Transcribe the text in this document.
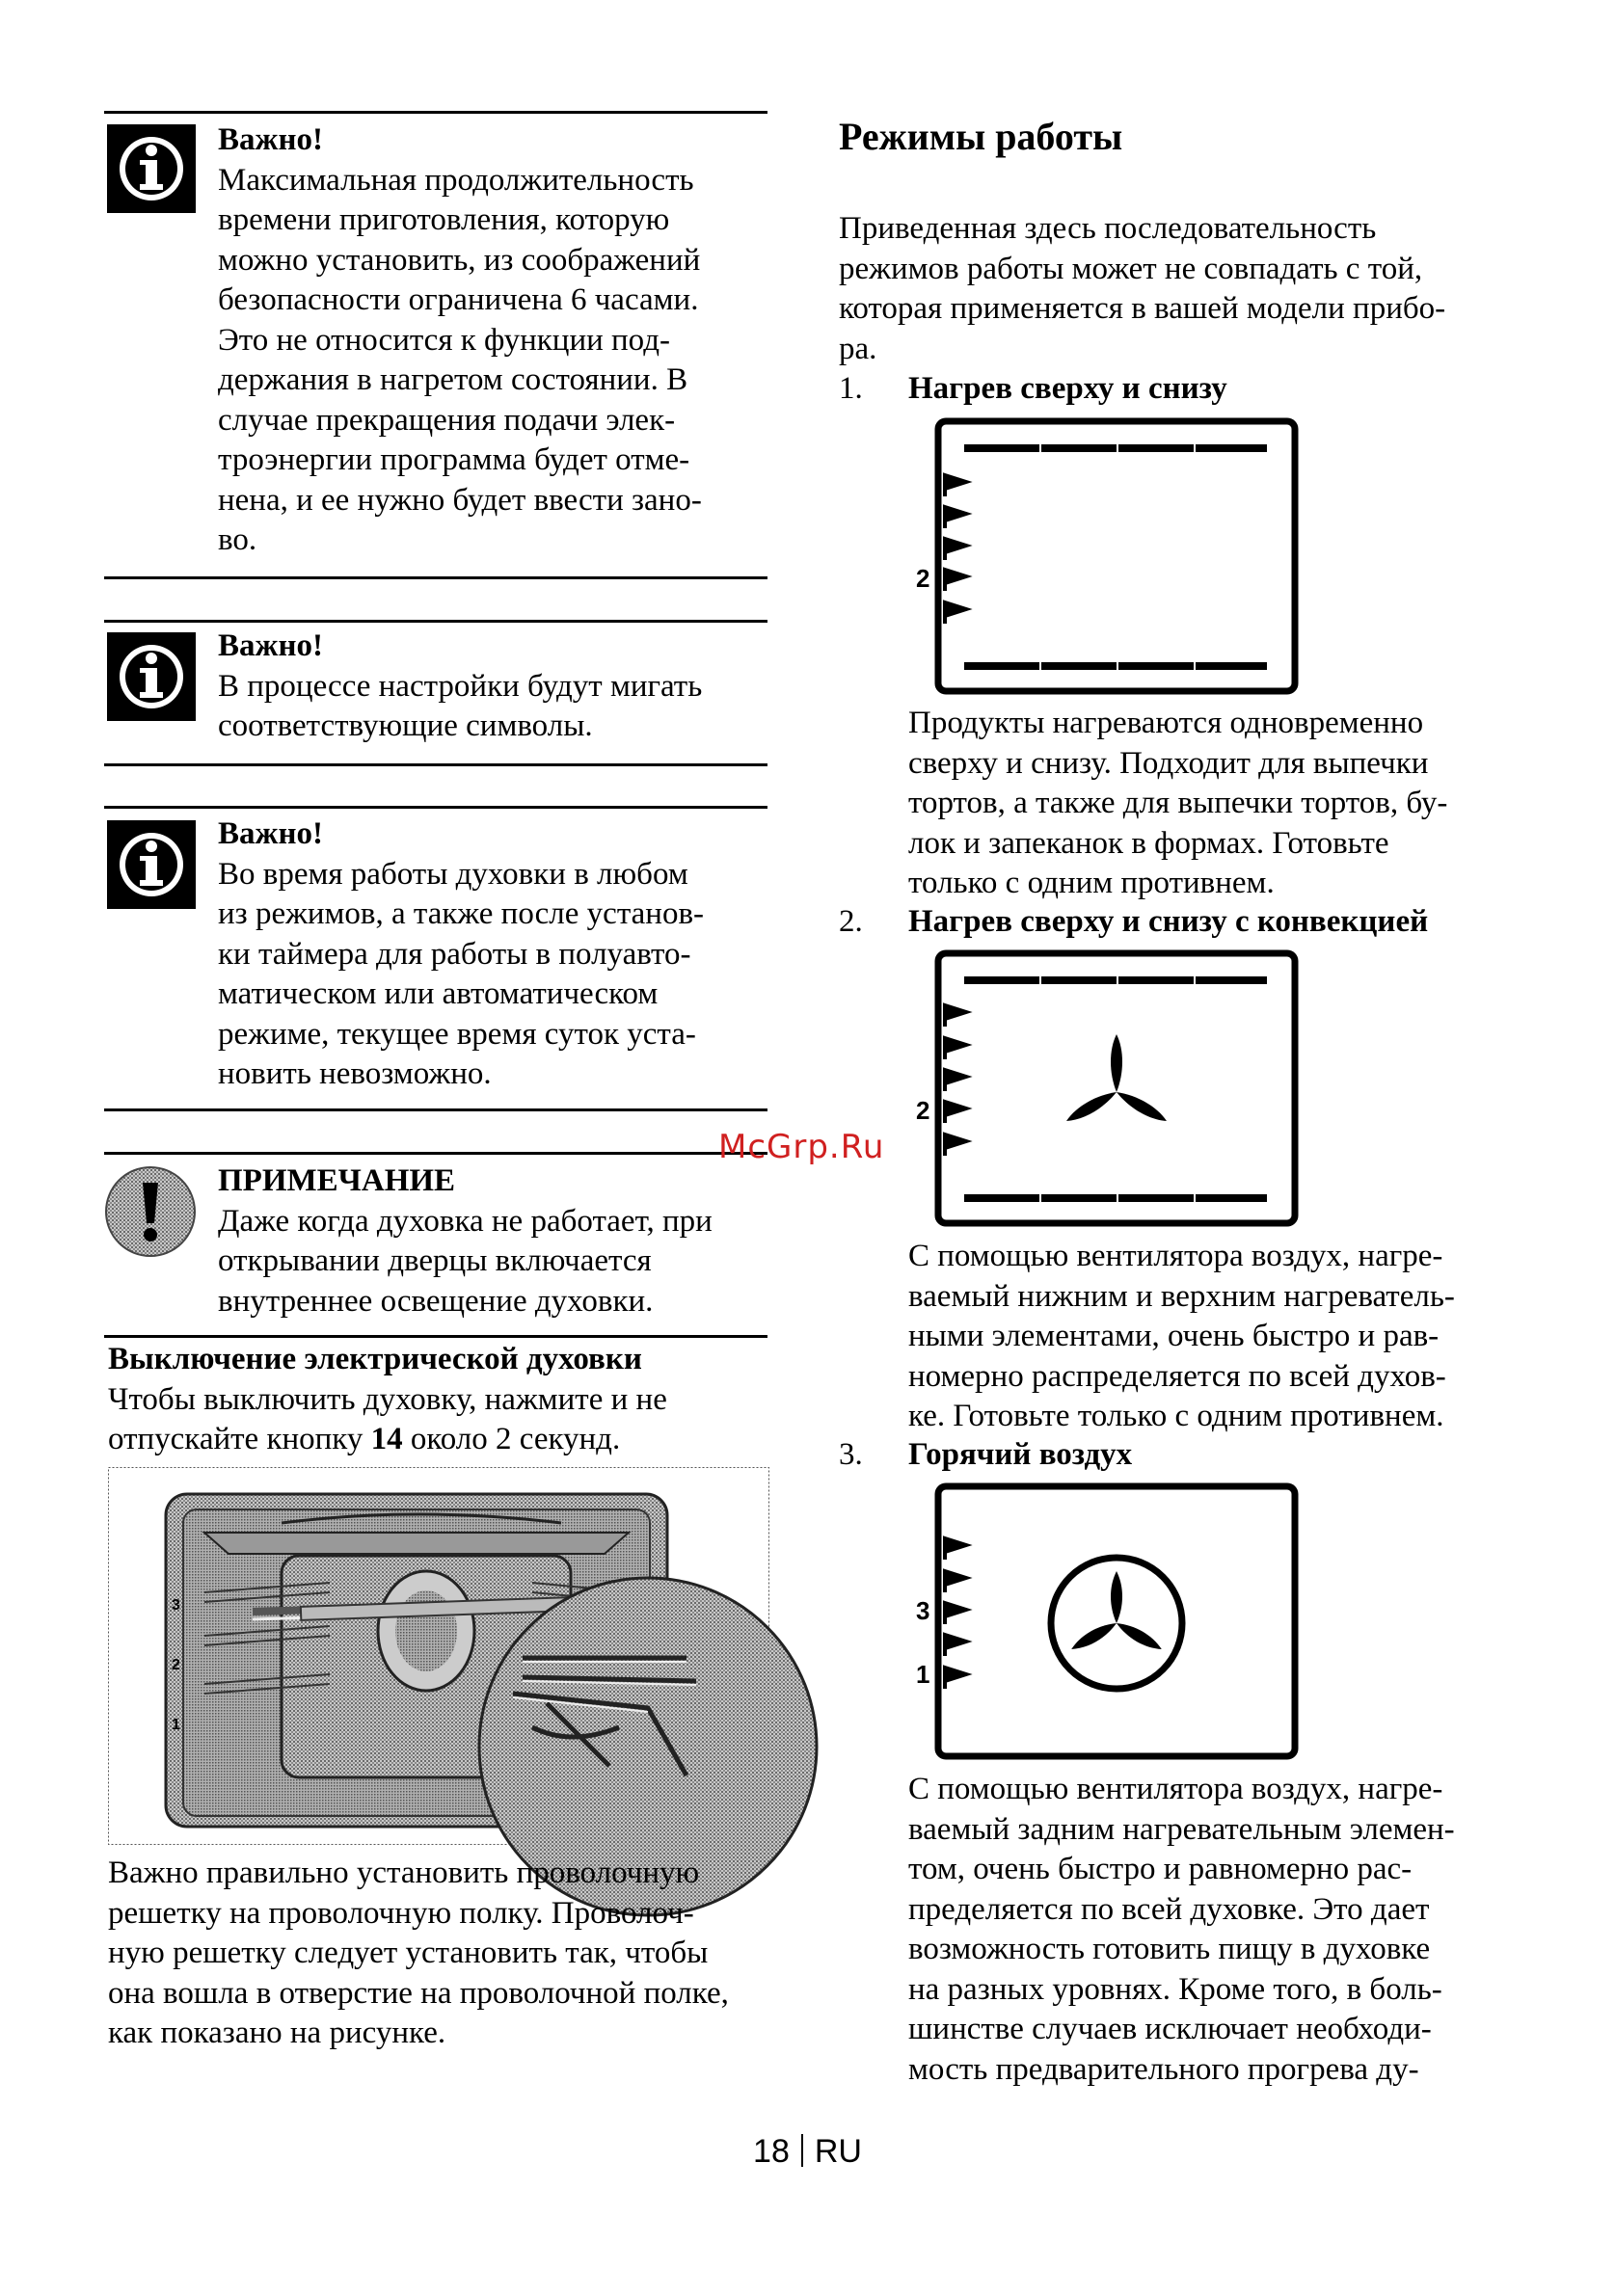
Важно!

Максимальная продолжительность

времени приготовления, которую

можно установить, из соображений

безопасности ограничена 6 часами.

Это не относится к функции под-

держания в нагретом состоянии. В

случае прекращения подачи элек-

троэнергии программа будет отме-

нена, и ее нужно будет ввести зано-

во.

Важно!

В процессе настройки будут мигать

соответствующие символы.

Важно!

Во время работы духовки в любом

из режимов, а также после установ-

ки таймера для работы в полуавто-

матическом или автоматическом

режиме, текущее время суток уста-

новить невозможно.

ПРИМЕЧАНИЕ

Даже когда духовка не работает, при

открывании дверцы включается

внутреннее освещение духовки.

Выключение электрической духовки

Чтобы выключить духовку, нажмите и не

отпускайте кнопку 14 около 2 секунд.

3
2
1

Важно правильно установить проволочную

решетку на проволочную полку. Проволоч-

ную решетку следует установить так, чтобы

она вошла в отверстие на проволочной полке,

как показано на рисунке.

Режимы работы

Приведенная здесь последовательность

режимов работы может не совпадать с той,

которая применяется в вашей модели прибо-

ра.

1. Нагрев сверху и снизу
2

Продукты нагреваются одновременно

сверху и снизу. Подходит для выпечки

тортов, а также для выпечки тортов, бу-

лок и запеканок в формах. Готовьте

только с одним противнем.

2. Нагрев сверху и снизу с конвекцией
2

С помощью вентилятора воздух, нагре-

ваемый нижним и верхним нагреватель-

ными элементами, очень быстро и рав-

номерно распределяется по всей духов-

ке. Готовьте только с одним противнем.

3. Горячий воздух
3
1

С помощью вентилятора воздух, нагре-

ваемый задним нагревательным элемен-

том, очень быстро и равномерно рас-

пределяется по всей духовке. Это дает

возможность готовить пищу в духовке

на разных уровнях. Кроме того, в боль-

шинстве случаев исключает необходи-

мость предварительного прогрева ду-

McGrp.Ru
18 RU
